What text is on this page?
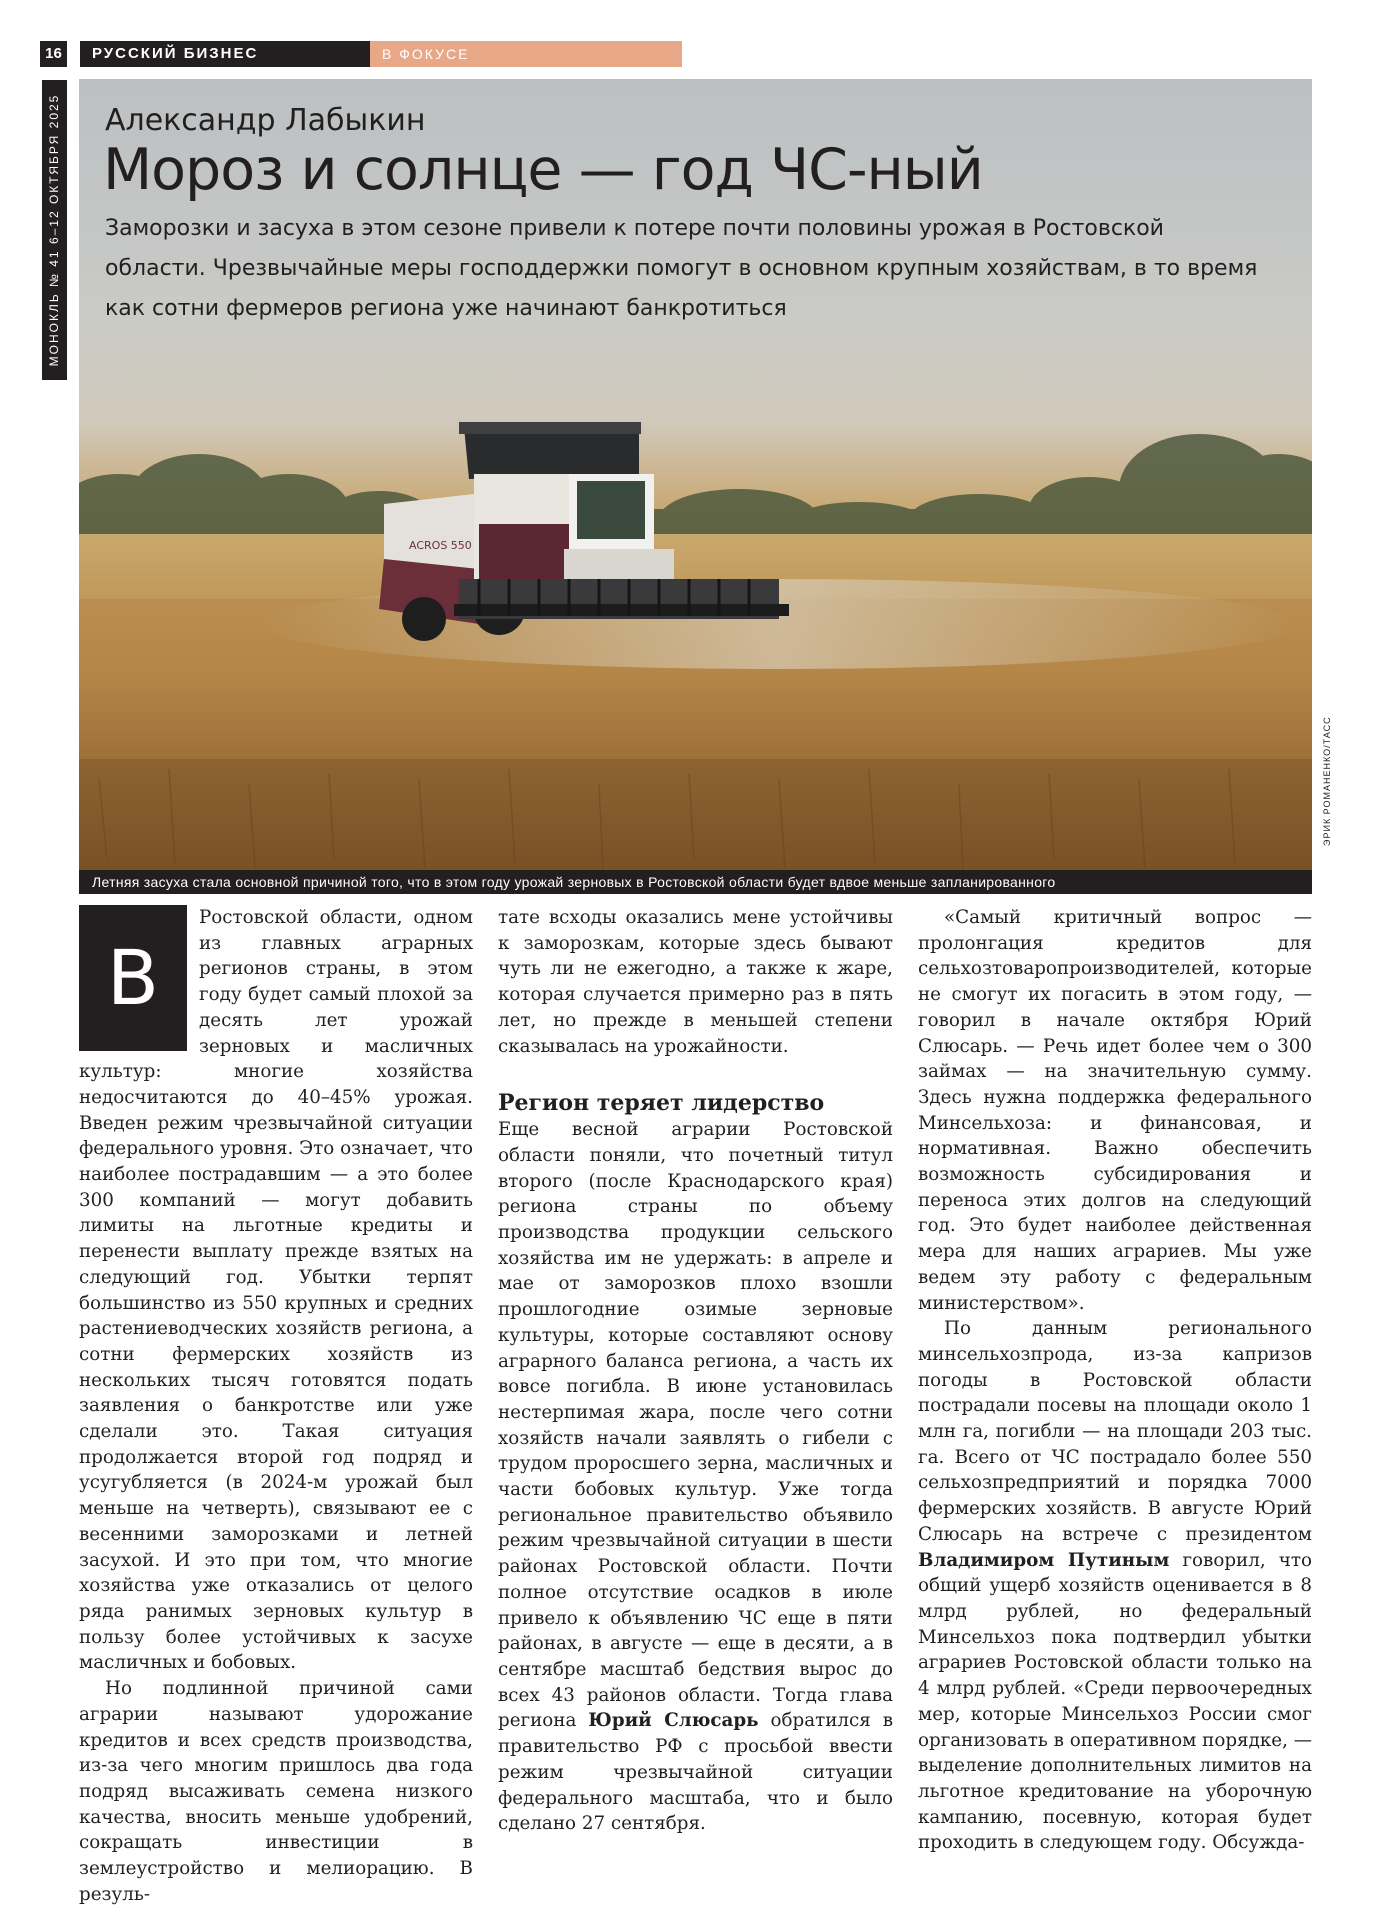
16	РУССКИЙ БИЗНЕС	В ФОКУСЕ
МОНОКЛЬ № 41 6–12 ОКТЯБРЯ 2025
ACROS 550
Александр Лабыкин
Мороз и солнце — год ЧС-ный
Заморозки и засуха в этом сезоне привели к потере почти половины урожая в Ростовской области. Чрезвычайные меры господдержки помогут в основном крупным хозяйствам, в то время как сотни фермеров региона уже начинают банкротиться
Летняя засуха стала основной причиной того, что в этом году урожай зерновых в Ростовской области будет вдвое меньше запланированного
ЭРИК РОМАНЕНКО/ТАСС
В

Ростовской области, одном из главных аграрных регионов страны, в этом году будет самый плохой за десять лет урожай зерновых и масличных культур: многие хозяйства недосчитаются до 40–45% урожая. Введен режим чрезвычайной ситуации федерального уровня. Это означает, что наиболее пострадавшим — а это более 300 компаний — могут добавить лимиты на льготные кредиты и перенести выплату прежде взятых на следующий год. Убытки терпят большинство из 550 крупных и средних растениеводческих хозяйств региона, а сотни фермерских хозяйств из нескольких тысяч готовятся подать заявления о банкротстве или уже сделали это. Такая ситуация продолжается второй год подряд и усугубляется (в 2024-м урожай был меньше на четверть), связывают ее с весенними заморозками и летней засухой. И это при том, что многие хозяйства уже отказались от целого ряда ранимых зерновых культур в пользу более устойчивых к засухе масличных и бобовых.

Но подлинной причиной сами аграрии называют удорожание кредитов и всех средств производства, из-за чего многим пришлось два года подряд высаживать семена низкого качества, вносить меньше удобрений, сокращать инвестиции в землеустройство и мелиорацию. В резуль-

тате всходы оказались мене устойчивы к заморозкам, которые здесь бывают чуть ли не ежегодно, а также к жаре, которая случается примерно раз в пять лет, но прежде в меньшей степени сказывалась на урожайности.

Регион теряет лидерство

Еще весной аграрии Ростовской области поняли, что почетный титул второго (после Краснодарского края) региона страны по объему производства продукции сельского хозяйства им не удержать: в апреле и мае от заморозков плохо взошли прошлогодние озимые зерновые культуры, которые составляют основу аграрного баланса региона, а часть их вовсе погибла. В июне установилась нестерпимая жара, после чего сотни хозяйств начали заявлять о гибели с трудом проросшего зерна, масличных и части бобовых культур. Уже тогда региональное правительство объявило режим чрезвычайной ситуации в шести районах Ростовской области. Почти полное отсутствие осадков в июле привело к объявлению ЧС еще в пяти районах, в августе — еще в десяти, а в сентябре масштаб бедствия вырос до всех 43 районов области. Тогда глава региона Юрий Слюсарь обратился в правительство РФ с просьбой ввести режим чрезвычайной ситуации федерального масштаба, что и было сделано 27 сентября.

«Самый критичный вопрос — пролонгация кредитов для сельхозтоваропроизводителей, которые не смогут их погасить в этом году, — говорил в начале октября Юрий Слюсарь. — Речь идет более чем о 300 займах — на значительную сумму. Здесь нужна поддержка федерального Минсельхоза: и финансовая, и нормативная. Важно обеспечить возможность субсидирования и переноса этих долгов на следующий год. Это будет наиболее действенная мера для наших аграриев. Мы уже ведем эту работу с федеральным министерством».

По данным регионального минсельхозпрода, из-за капризов погоды в Ростовской области пострадали посевы на площади около 1 млн га, погибли — на площади 203 тыс. га. Всего от ЧС пострадало более 550 сельхозпредприятий и порядка 7000 фермерских хозяйств. В августе Юрий Слюсарь на встрече с президентом Владимиром Путиным говорил, что общий ущерб хозяйств оценивается в 8 млрд рублей, но федеральный Минсельхоз пока подтвердил убытки аграриев Ростовской области только на 4 млрд рублей. «Среди первоочередных мер, которые Минсельхоз России смог организовать в оперативном порядке, — выделение дополнительных лимитов на льготное кредитование на уборочную кампанию, посевную, которая будет проходить в следующем году. Обсужда-
